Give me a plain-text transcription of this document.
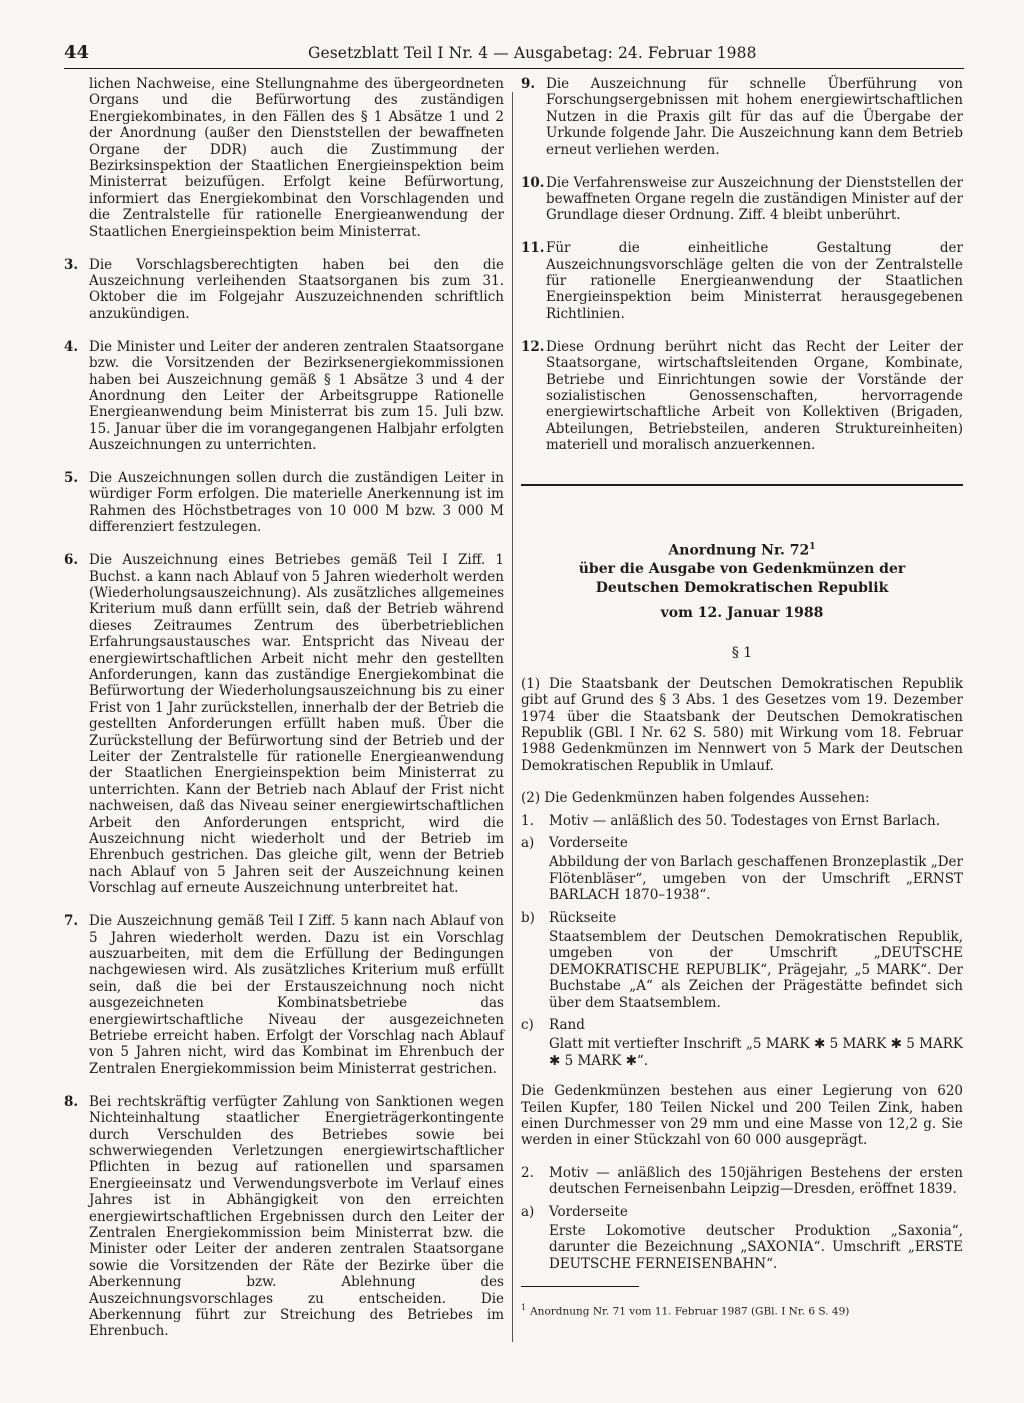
44	Gesetzblatt Teil I Nr. 4 — Ausgabetag: 24. Februar 1988
lichen Nachweise, eine Stellungnahme des übergeordneten Organs und die Befürwortung des zuständigen Energiekombinates, in den Fällen des § 1 Absätze 1 und 2 der Anordnung (außer den Dienststellen der bewaffneten Organe der DDR) auch die Zustimmung der Bezirksinspektion der Staatlichen Energieinspektion beim Ministerrat beizufügen. Erfolgt keine Befürwortung, informiert das Energiekombinat den Vorschlagenden und die Zentralstelle für rationelle Energieanwendung der Staatlichen Energieinspektion beim Ministerrat.
3. Die Vorschlagsberechtigten haben bei den die Auszeichnung verleihenden Staatsorganen bis zum 31. Oktober die im Folgejahr Auszuzeichnenden schriftlich anzukündigen.
4. Die Minister und Leiter der anderen zentralen Staatsorgane bzw. die Vorsitzenden der Bezirksenergiekommissionen haben bei Auszeichnung gemäß § 1 Absätze 3 und 4 der Anordnung den Leiter der Arbeitsgruppe Rationelle Energieanwendung beim Ministerrat bis zum 15. Juli bzw. 15. Januar über die im vorangegangenen Halbjahr erfolgten Auszeichnungen zu unterrichten.
5. Die Auszeichnungen sollen durch die zuständigen Leiter in würdiger Form erfolgen. Die materielle Anerkennung ist im Rahmen des Höchstbetrages von 10 000 M bzw. 3 000 M differenziert festzulegen.
6. Die Auszeichnung eines Betriebes gemäß Teil I Ziff. 1 Buchst. a kann nach Ablauf von 5 Jahren wiederholt werden (Wiederholungsauszeichnung). Als zusätzliches allgemeines Kriterium muß dann erfüllt sein, daß der Betrieb während dieses Zeitraumes Zentrum des überbetrieblichen Erfahrungsaustausches war. Entspricht das Niveau der energiewirtschaftlichen Arbeit nicht mehr den gestellten Anforderungen, kann das zuständige Energiekombinat die Befürwortung der Wiederholungsauszeichnung bis zu einer Frist von 1 Jahr zurückstellen, innerhalb der der Betrieb die gestellten Anforderungen erfüllt haben muß. Über die Zurückstellung der Befürwortung sind der Betrieb und der Leiter der Zentralstelle für rationelle Energieanwendung der Staatlichen Energieinspektion beim Ministerrat zu unterrichten. Kann der Betrieb nach Ablauf der Frist nicht nachweisen, daß das Niveau seiner energiewirtschaftlichen Arbeit den Anforderungen entspricht, wird die Auszeichnung nicht wiederholt und der Betrieb im Ehrenbuch gestrichen. Das gleiche gilt, wenn der Betrieb nach Ablauf von 5 Jahren seit der Auszeichnung keinen Vorschlag auf erneute Auszeichnung unterbreitet hat.
7. Die Auszeichnung gemäß Teil I Ziff. 5 kann nach Ablauf von 5 Jahren wiederholt werden. Dazu ist ein Vorschlag auszuarbeiten, mit dem die Erfüllung der Bedingungen nachgewiesen wird. Als zusätzliches Kriterium muß erfüllt sein, daß die bei der Erstauszeichnung noch nicht ausgezeichneten Kombinatsbetriebe das energiewirtschaftliche Niveau der ausgezeichneten Betriebe erreicht haben. Erfolgt der Vorschlag nach Ablauf von 5 Jahren nicht, wird das Kombinat im Ehrenbuch der Zentralen Energiekommission beim Ministerrat gestrichen.
8. Bei rechtskräftig verfügter Zahlung von Sanktionen wegen Nichteinhaltung staatlicher Energieträgerkontingente durch Verschulden des Betriebes sowie bei schwerwiegenden Verletzungen energiewirtschaftlicher Pflichten in bezug auf rationellen und sparsamen Energieeinsatz und Verwendungsverbote im Verlauf eines Jahres ist in Abhängigkeit von den erreichten energiewirtschaftlichen Ergebnissen durch den Leiter der Zentralen Energiekommission beim Ministerrat bzw. die Minister oder Leiter der anderen zentralen Staatsorgane sowie die Vorsitzenden der Räte der Bezirke über die Aberkennung bzw. Ablehnung des Auszeichnungsvorschlages zu entscheiden. Die Aberkennung führt zur Streichung des Betriebes im Ehrenbuch.
9. Die Auszeichnung für schnelle Überführung von Forschungsergebnissen mit hohem energiewirtschaftlichen Nutzen in die Praxis gilt für das auf die Übergabe der Urkunde folgende Jahr. Die Auszeichnung kann dem Betrieb erneut verliehen werden.
10. Die Verfahrensweise zur Auszeichnung der Dienststellen der bewaffneten Organe regeln die zuständigen Minister auf der Grundlage dieser Ordnung. Ziff. 4 bleibt unberührt.
11. Für die einheitliche Gestaltung der Auszeichnungsvorschläge gelten die von der Zentralstelle für rationelle Energieanwendung der Staatlichen Energieinspektion beim Ministerrat herausgegebenen Richtlinien.
12. Diese Ordnung berührt nicht das Recht der Leiter der Staatsorgane, wirtschaftsleitenden Organe, Kombinate, Betriebe und Einrichtungen sowie der Vorstände der sozialistischen Genossenschaften, hervorragende energiewirtschaftliche Arbeit von Kollektiven (Brigaden, Abteilungen, Betriebsteilen, anderen Struktureinheiten) materiell und moralisch anzuerkennen.
Anordnung Nr. $72^1$
über die Ausgabe von Gedenkmünzen der
Deutschen Demokratischen Republik
vom 12. Januar 1988
§ 1
(1) Die Staatsbank der Deutschen Demokratischen Republik gibt auf Grund des § 3 Abs. 1 des Gesetzes vom 19. Dezember 1974 über die Staatsbank der Deutschen Demokratischen Republik (GBl. I Nr. 62 S. 580) mit Wirkung vom 18. Februar 1988 Gedenkmünzen im Nennwert von 5 Mark der Deutschen Demokratischen Republik in Umlauf.
(2) Die Gedenkmünzen haben folgendes Aussehen:
1.	Motiv — anläßlich des 50. Todestages von Ernst Barlach.
a)	Vorderseite
Abbildung der von Barlach geschaffenen Bronzeplastik „Der Flötenbläser“, umgeben von der Umschrift „ERNST BARLACH 1870–1938“.
b)	Rückseite
Staatsemblem der Deutschen Demokratischen Republik, umgeben von der Umschrift „DEUTSCHE DEMOKRATISCHE REPUBLIK“, Prägejahr, „5 MARK“. Der Buchstabe „A“ als Zeichen der Prägestätte befindet sich über dem Staatsemblem.
c)	Rand
Glatt mit vertiefter Inschrift „5 MARK ✱ 5 MARK ✱ 5 MARK ✱ 5 MARK ✱“.
Die Gedenkmünzen bestehen aus einer Legierung von 620 Teilen Kupfer, 180 Teilen Nickel und 200 Teilen Zink, haben einen Durchmesser von 29 mm und eine Masse von 12,2 g. Sie werden in einer Stückzahl von 60 000 ausgeprägt.
2.	Motiv — anläßlich des 150jährigen Bestehens der ersten deutschen Ferneisenbahn Leipzig—Dresden, eröffnet 1839.
a)	Vorderseite
Erste Lokomotive deutscher Produktion „Saxonia“, darunter die Bezeichnung „SAXONIA“. Umschrift „ERSTE DEUTSCHE FERNEISENBAHN“.
$^1$ Anordnung Nr. 71 vom 11. Februar 1987 (GBl. I Nr. 6 S. 49)
